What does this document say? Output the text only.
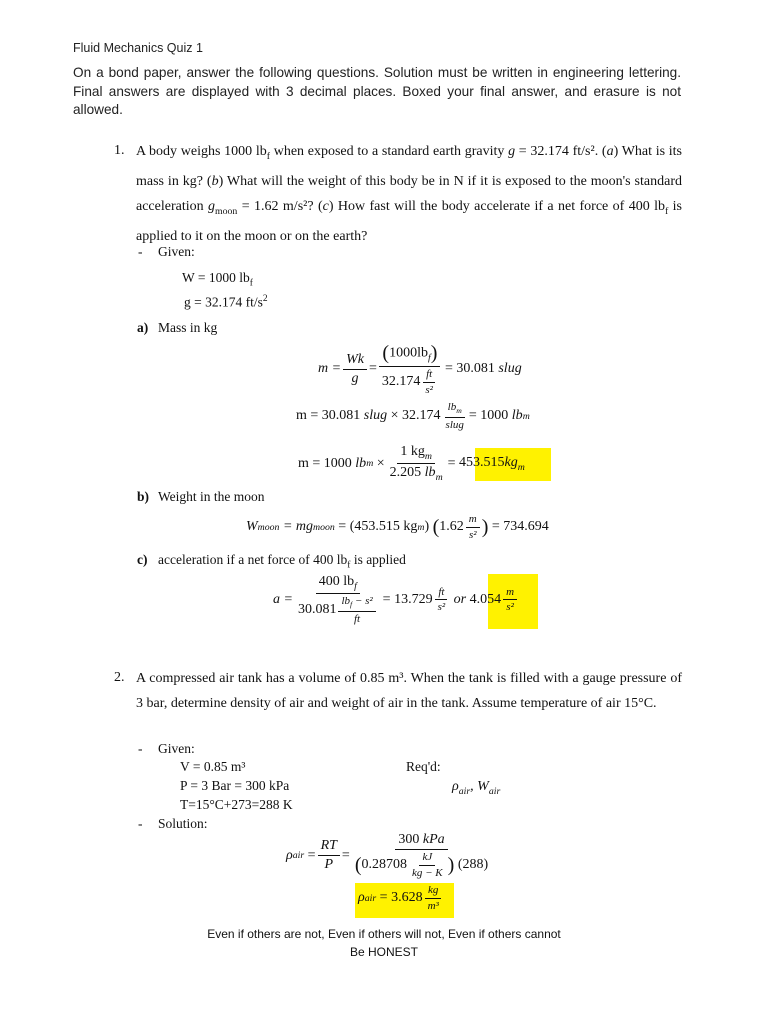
Fluid Mechanics Quiz 1
On a bond paper, answer the following questions. Solution must be written in engineering lettering. Final answers are displayed with 3 decimal places. Boxed your final answer, and erasure is not allowed.
1. A body weighs 1000 $lb_f$ when exposed to a standard earth gravity g = 32.174 ft/s². (a) What is its mass in kg? (b) What will the weight of this body be in N if it is exposed to the moon's standard acceleration $g_{moon} = 1.62$ m/s²? (c) How fast will the body accelerate if a net force of 400 $lb_f$ is applied to it on the moon or on the earth?
- Given:
W = 1000 $lb_f$
g = 32.174 $ft/s^2$
a) Mass in kg
$m = \frac{Wk}{g} = \frac{(1000lb_f)}{32.174 \frac{ft}{\text{s²}}} = 30.081$
slug
m = 30.081
slug
× $32.174 \frac{lb_m}{\text{slug}} = 1000$
lb m
m = 1000
lb m
× $\frac{1 kg_m}{2.205 lb_m}$ =
$453.515kg_m$
b) Weight in the moon
W moon
= mg moon
= (453.515 kg m )
( $1.62 \frac{m}{\text{s²}}$ )
= 734.694
c) acceleration if a net force of 400 $lb_f$ is applied
$a = \frac{400 lb_f}{30.081 \frac{lb_f - s^2}{ft}} = 13.729 \frac{ft}{\text{s²}}$
or
$4.054 \frac{m}{\text{s²}}$
2. A compressed air tank has a volume of 0.85 m³. When the tank is filled with a gauge pressure of 3 bar, determine density of air and weight of air in the tank. Assume temperature of air 15°C.
- Given:
V = 0.85 m³
P = 3 Bar = 300 kPa
T=15°C+273=288 K
Req'd:
$\rho_{air}$, $W_{air}$
- Solution:
ρ air
= $\frac{RT}{P} = 300$ kPa
( $0.28708 \frac{kJ}{kg - K}$ )
(288)
ρ air
= $3.628 \frac{kg}{\text{m³}}$
Even if others are not, Even if others will not, Even if others cannot
Be HONEST
